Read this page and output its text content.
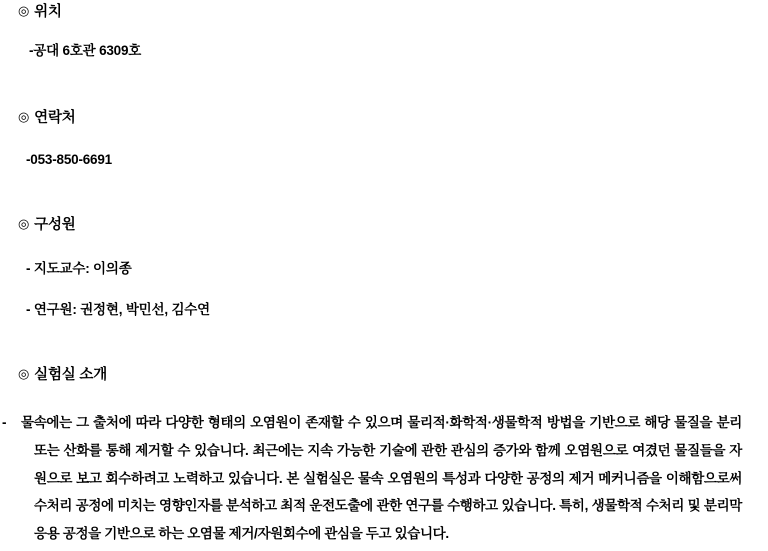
◎ 위치
-공대 6호관 6309호
◎ 연락처
-053-850-6691
◎ 구성원
- 지도교수: 이의종
- 연구원: 권정현, 박민선, 김수연
◎ 실험실 소개
- 물속에는 그 출처에 따라 다양한 형태의 오염원이 존재할 수 있으며 물리적·화학적·생물학적 방법을 기반으로 해당 물질을 분리 또는 산화를 통해 제거할 수 있습니다. 최근에는 지속 가능한 기술에 관한 관심의 증가와 함께 오염원으로 여겼던 물질들을 자원으로 보고 회수하려고 노력하고 있습니다. 본 실험실은 물속 오염원의 특성과 다양한 공정의 제거 메커니즘을 이해함으로써 수처리 공정에 미치는 영향인자를 분석하고 최적 운전도출에 관한 연구를 수행하고 있습니다. 특히, 생물학적 수처리 및 분리막 응용 공정을 기반으로 하는 오염물 제거/자원회수에 관심을 두고 있습니다.
